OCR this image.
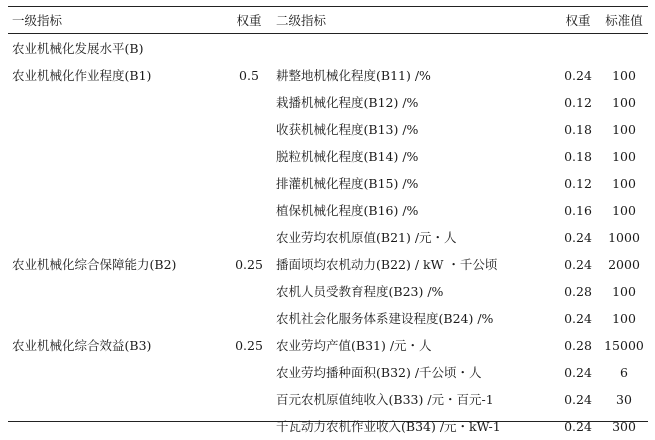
一级指标	权重	二级指标	权重	标准值
农业机械化发展水平(B)
农业机械化作业程度(B1)	0.5	耕整地机械化程度(B11) /%	0.24	100
栽播机械化程度(B12) /%	0.12	100
收获机械化程度(B13) /%	0.18	100
脱粒机械化程度(B14) /%	0.18	100
排灌机械化程度(B15) /%	0.12	100
植保机械化程度(B16) /%	0.16	100
农业劳均农机原值(B21) /元・人	0.24	1000
农业机械化综合保障能力(B2)	0.25	播面顷均农机动力(B22) / kW ・千公顷	0.24	2000
农机人员受教育程度(B23) /%	0.28	100
农机社会化服务体系建设程度(B24) /%	0.24	100
农业机械化综合效益(B3)	0.25	农业劳均产值(B31) /元・人	0.28 15000
农业劳均播种面积(B32) /千公顷・人	0.24	6
百元农机原值纯收入(B33) /元・百元-1	0.24	30
千瓦动力农机作业收入(B34) /元・kW-1	0.24	300
